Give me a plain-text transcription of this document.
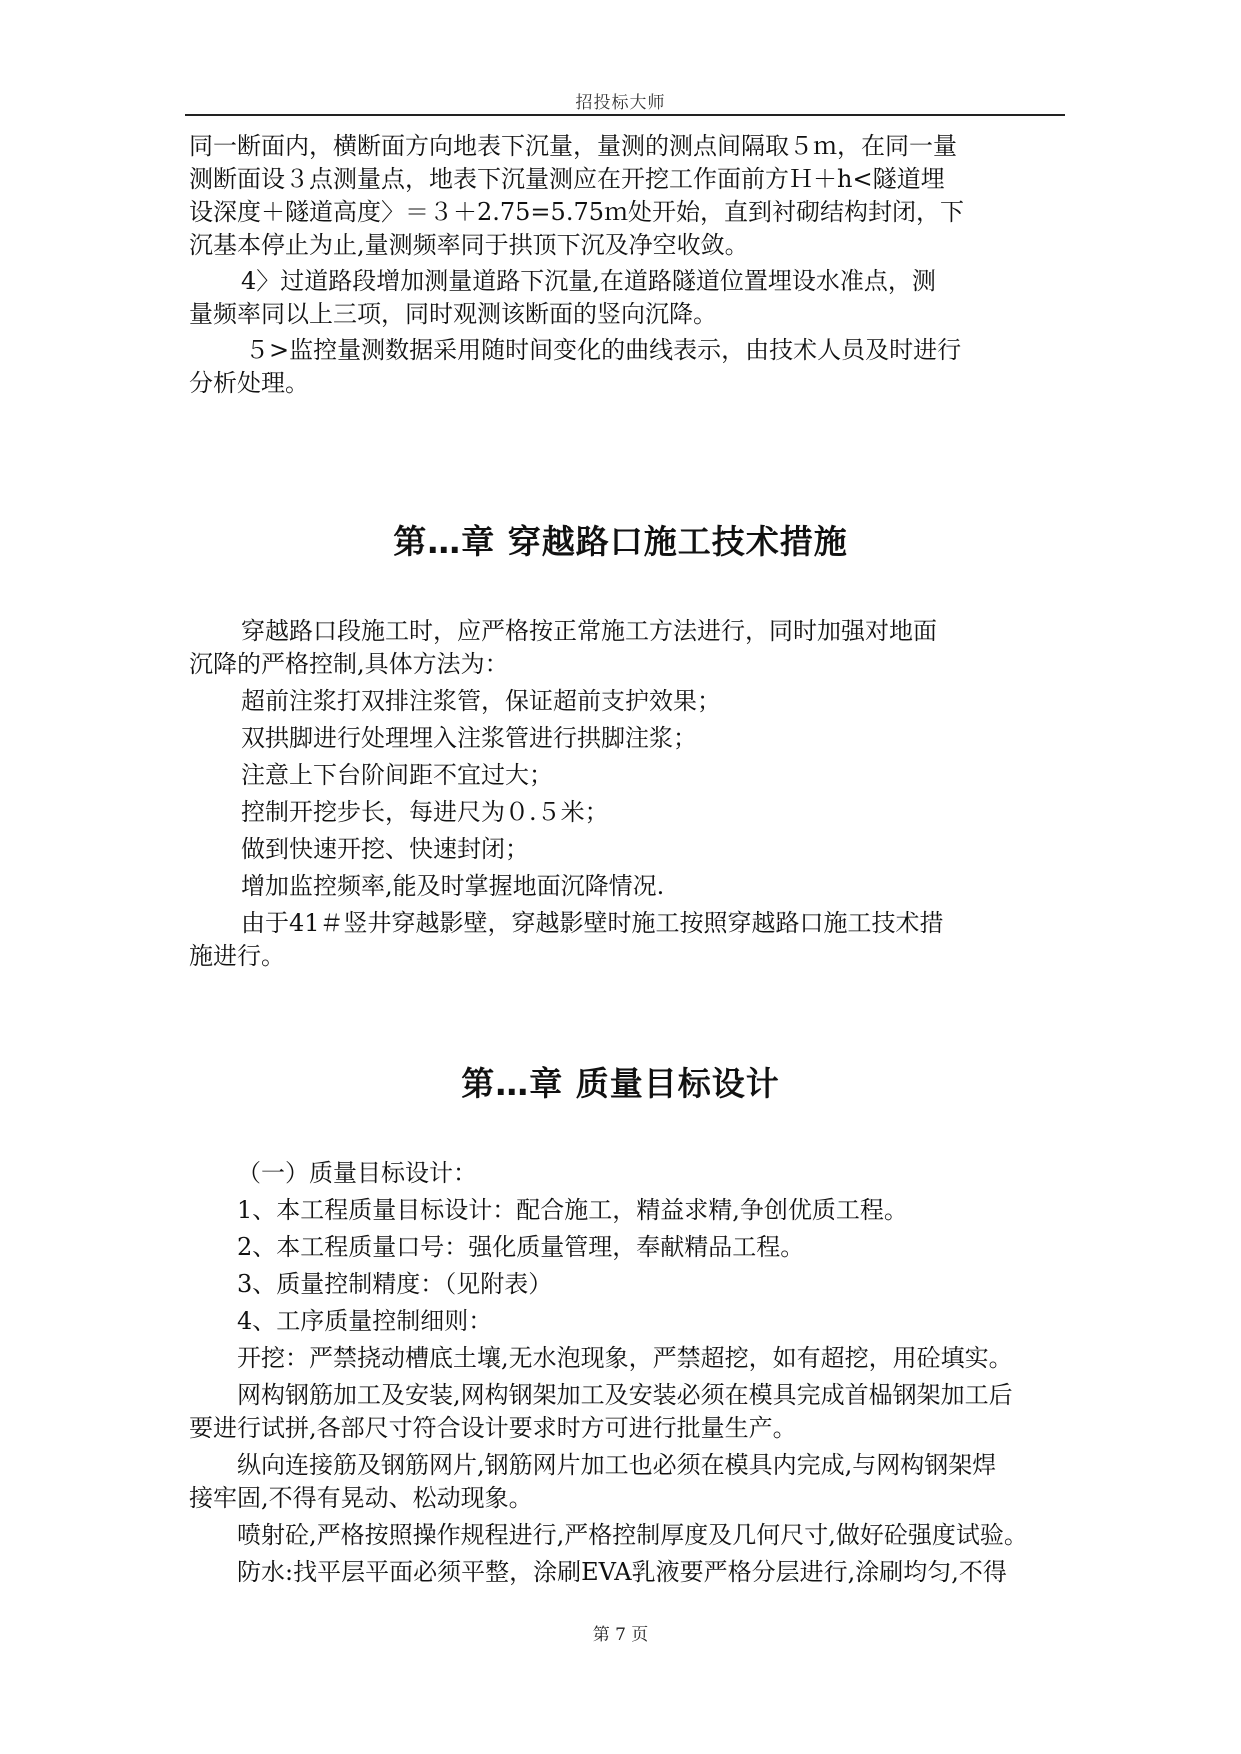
招投标大师
同一断面内，横断面方向地表下沉量，量测的测点间隔取５ｍ，在同一量
测断面设３点测量点，地表下沉量测应在开挖工作面前方Ｈ＋h<隧道埋
设深度＋隧道高度〉＝３＋2.75=5.75ｍ处开始，直到衬砌结构封闭，下
沉基本停止为止,量测频率同于拱顶下沉及净空收敛。
4〉过道路段增加测量道路下沉量,在道路隧道位置埋设水准点，测
量频率同以上三项，同时观测该断面的竖向沉降。
５>监控量测数据采用随时间变化的曲线表示，由技术人员及时进行
分析处理。
第…章 穿越路口施工技术措施
穿越路口段施工时，应严格按正常施工方法进行，同时加强对地面
沉降的严格控制,具体方法为：
超前注浆打双排注浆管，保证超前支护效果；
双拱脚进行处理埋入注浆管进行拱脚注浆；
注意上下台阶间距不宜过大；
控制开挖步长，每进尺为０.５米；
做到快速开挖、快速封闭；
增加监控频率,能及时掌握地面沉降情况.
由于41＃竖井穿越影壁，穿越影壁时施工按照穿越路口施工技术措
施进行。
第…章 质量目标设计
（一）质量目标设计：
1、本工程质量目标设计：配合施工，精益求精,争创优质工程。
2、本工程质量口号：强化质量管理，奉献精品工程。
3、质量控制精度：（见附表）
4、工序质量控制细则：
开挖：严禁挠动槽底土壤,无水泡现象，严禁超挖，如有超挖，用砼填实。
网构钢筋加工及安装,网构钢架加工及安装必须在模具完成首榀钢架加工后
要进行试拼,各部尺寸符合设计要求时方可进行批量生产。
纵向连接筋及钢筋网片,钢筋网片加工也必须在模具内完成,与网构钢架焊
接牢固,不得有晃动、松动现象。
喷射砼,严格按照操作规程进行,严格控制厚度及几何尺寸,做好砼强度试验。
防水:找平层平面必须平整，涂刷EVA乳液要严格分层进行,涂刷均匀,不得
第 7 页
